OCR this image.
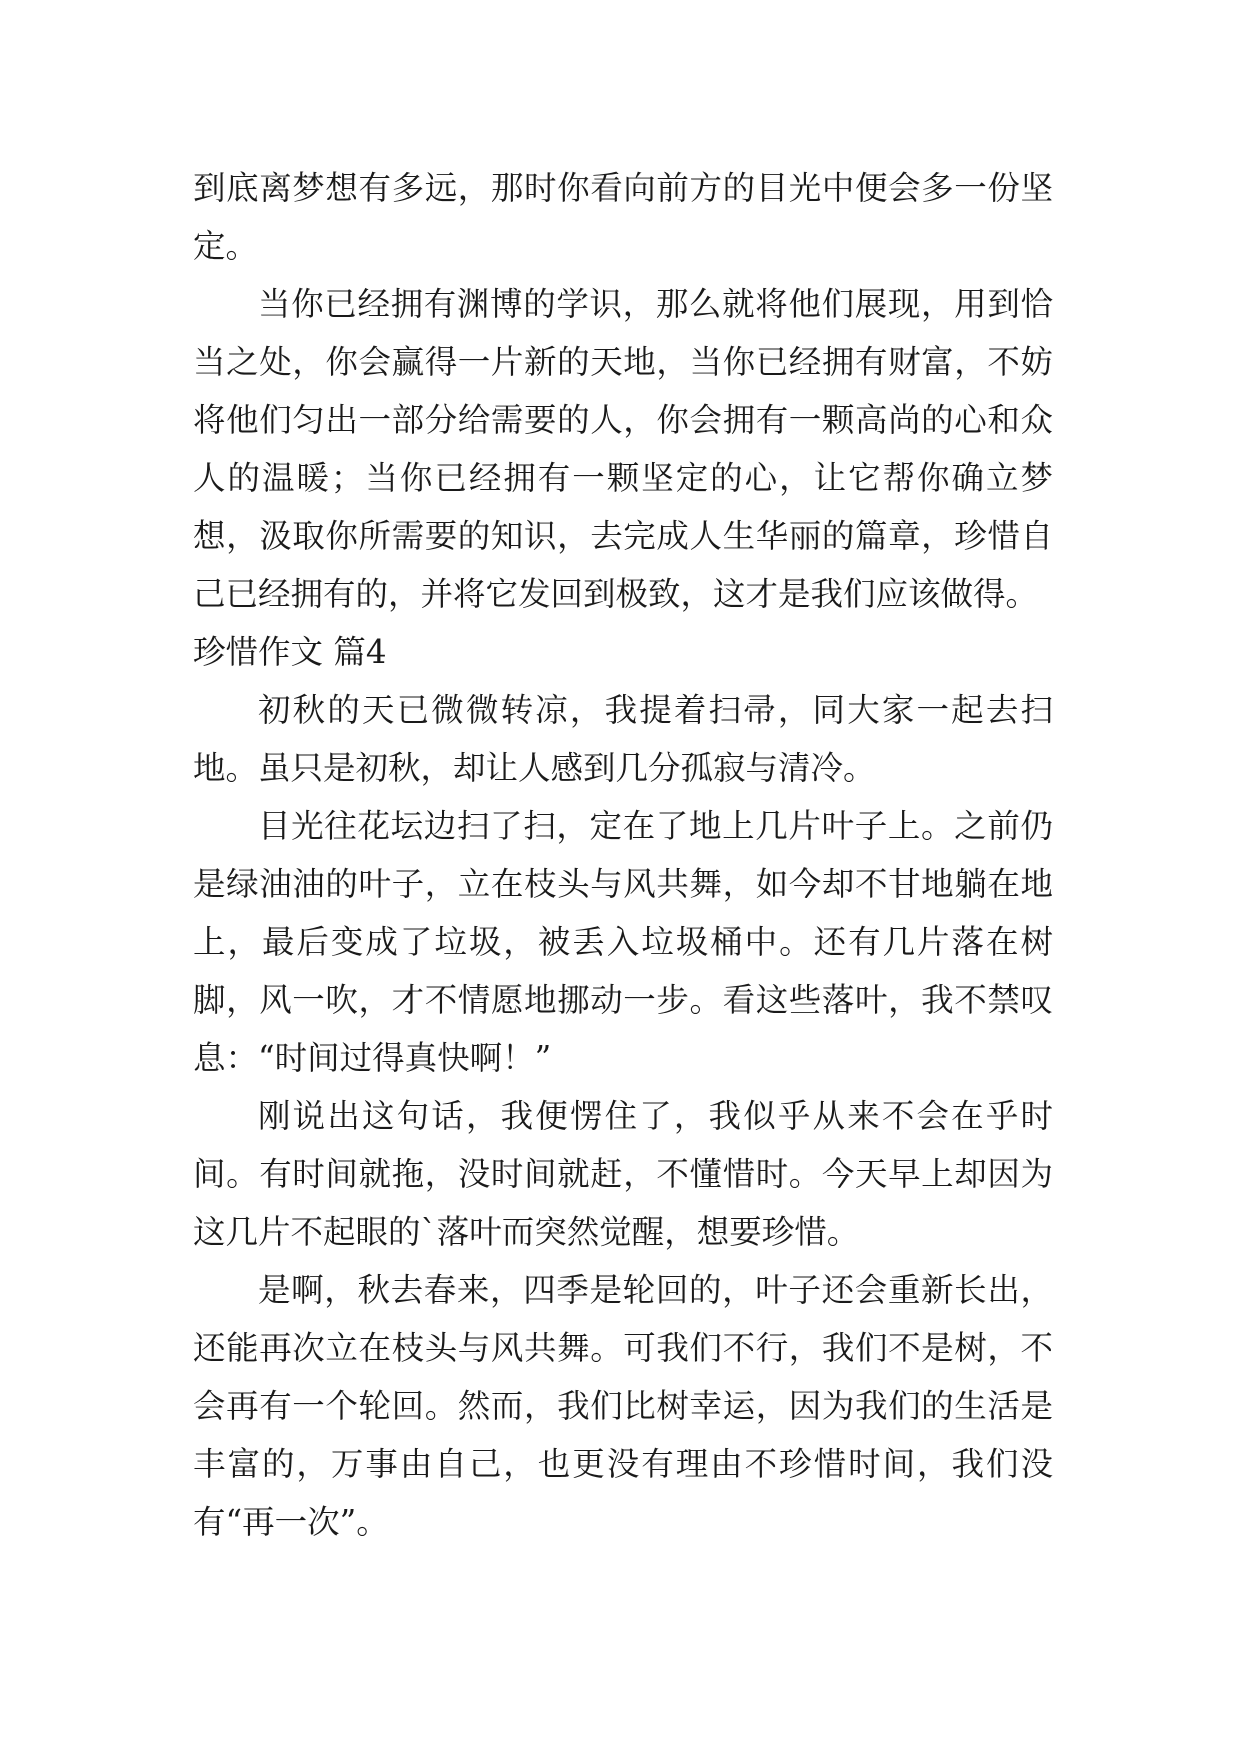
到底离梦想有多远，那时你看向前方的目光中便会多一份坚定。

当你已经拥有渊博的学识，那么就将他们展现，用到恰当之处，你会赢得一片新的天地，当你已经拥有财富，不妨将他们匀出一部分给需要的人，你会拥有一颗高尚的心和众人的温暖；当你已经拥有一颗坚定的心，让它帮你确立梦想，汲取你所需要的知识，去完成人生华丽的篇章，珍惜自己已经拥有的，并将它发回到极致，这才是我们应该做得。

珍惜作文 篇4

初秋的天已微微转凉，我提着扫帚，同大家一起去扫地。虽只是初秋，却让人感到几分孤寂与清冷。

目光往花坛边扫了扫，定在了地上几片叶子上。之前仍是绿油油的叶子，立在枝头与风共舞，如今却不甘地躺在地上，最后变成了垃圾，被丢入垃圾桶中。还有几片落在树脚，风一吹，才不情愿地挪动一步。看这些落叶，我不禁叹息：“时间过得真快啊！”

刚说出这句话，我便愣住了，我似乎从来不会在乎时间。有时间就拖，没时间就赶，不懂惜时。今天早上却因为这几片不起眼的`落叶而突然觉醒，想要珍惜。

是啊，秋去春来，四季是轮回的，叶子还会重新长出，还能再次立在枝头与风共舞。可我们不行，我们不是树，不会再有一个轮回。然而，我们比树幸运，因为我们的生活是丰富的，万事由自己，也更没有理由不珍惜时间，我们没有“再一次”。
